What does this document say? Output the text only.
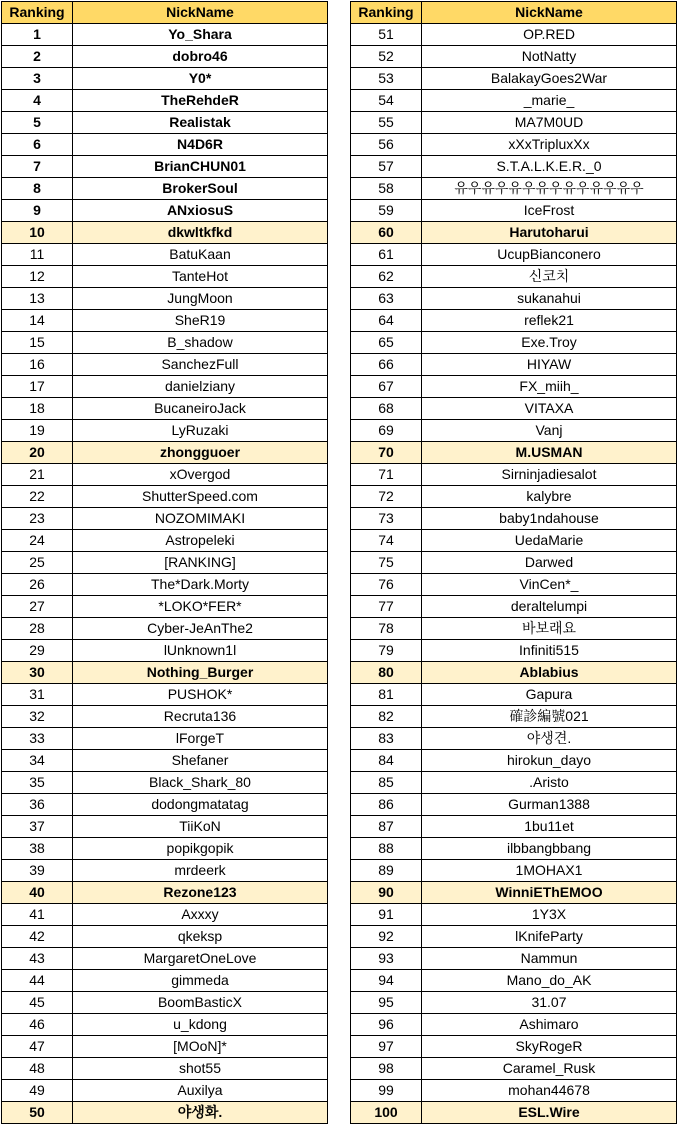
Ranking	NickName
1	Yo_Shara
2	dobro46
3	Y0*
4	TheRehdeR
5	Realistak
6	N4D6R
7	BrianCHUN01
8	BrokerSoul
9	ANxiosuS
10	dkwltkfkd
11	BatuKaan
12	TanteHot
13	JungMoon
14	SheR19
15	B_shadow
16	SanchezFull
17	danielziany
18	BucaneiroJack
19	LyRuzaki
20	zhongguoer
21	xOvergod
22	ShutterSpeed.com
23	NOZOMIMAKI
24	Astropeleki
25	[RANKING]
26	The*Dark.Morty
27	*LOKO*FER*
28	Cyber-JeAnThe2
29	lUnknown1l
30	Nothing_Burger
31	PUSHOK*
32	Recruta136
33	lForgeT
34	Shefaner
35	Black_Shark_80
36	dodongmatatag
37	TiiKoN
38	popikgopik
39	mrdeerk
40	Rezone123
41	Axxxy
42	qkeksp
43	MargaretOneLove
44	gimmeda
45	BoomBasticX
46	u_kdong
47	[MOoN]*
48	shot55
49	Auxilya
50	야생화.
Ranking	NickName
51	OP.RED
52	NotNatty
53	BalakayGoes2War
54	_marie_
55	MA7M0UD
56	xXxTripluxXx
57	S.T.A.L.K.E.R._0
58	유우유우유우유우유우유우유우
59	IceFrost
60	Harutoharui
61	UcupBianconero
62	신코치
63	sukanahui
64	reflek21
65	Exe.Troy
66	HIYAW
67	FX_miih_
68	VITAXA
69	Vanj
70	M.USMAN
71	Sirninjadiesalot
72	kalybre
73	baby1ndahouse
74	UedaMarie
75	Darwed
76	VinCen*_
77	deraltelumpi
78	바보래요
79	Infiniti515
80	Ablabius
81	Gapura
82	確診編號021
83	야생견.
84	hirokun_dayo
85	.Aristo
86	Gurman1388
87	1bu11et
88	ilbbangbbang
89	1MOHAX1
90	WinniEThEMOO
91	1Y3X
92	lKnifeParty
93	Nammun
94	Mano_do_AK
95	31.07
96	Ashimaro
97	SkyRogeR
98	Caramel_Rusk
99	mohan44678
100	ESL.Wire
